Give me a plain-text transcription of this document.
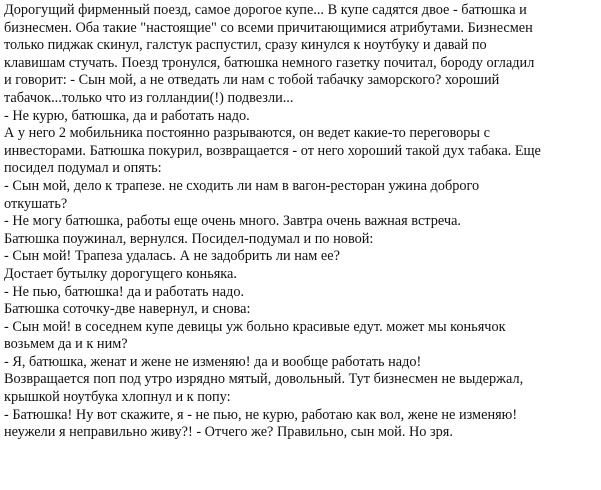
Дорогущий фирменный поезд, самое дорогое купе... В купе садятся двое - батюшка и
бизнесмен. Оба такие "настоящие" со всеми причитающимися атрибутами. Бизнесмен
только пиджак скинул, галстук распустил, сразу кинулся к ноутбуку и давай по
клавишам стучать. Поезд тронулся, батюшка немного газетку почитал, бороду огладил
и говорит: - Сын мой, а не отведать ли нам с тобой табачку заморского? хороший
табачок...только что из голландии(!) подвезли...
- Не курю, батюшка, да и работать надо.
А у него 2 мобильника постоянно разрываются, он ведет какие-то переговоры с
инвесторами. Батюшка покурил, возвращается - от него хороший такой дух табака. Еще
посидел подумал и опять:
- Сын мой, дело к трапезе. не сходить ли нам в вагон-ресторан ужина доброго
откушать?
- Не могу батюшка, работы еще очень много. Завтра очень важная встреча.
Батюшка поужинал, вернулся. Посидел-подумал и по новой:
- Сын мой! Трапеза удалась. А не задобрить ли нам ее?
Достает бутылку дорогущего коньяка.
- Не пью, батюшка! да и работать надо.
Батюшка соточку-две навернул, и снова:
- Сын мой! в соседнем купе девицы уж больно красивые едут. может мы коньячок
возьмем да и к ним?
- Я, батюшка, женат и жене не изменяю! да и вообще работать надо!
Возвращается поп под утро изрядно мятый, довольный. Тут бизнесмен не выдержал,
крышкой ноутбука хлопнул и к попу:
- Батюшка! Ну вот скажите, я - не пью, не курю, работаю как вол, жене не изменяю!
неужели я неправильно живу?! - Отчего же? Правильно, сын мой. Но зря.
